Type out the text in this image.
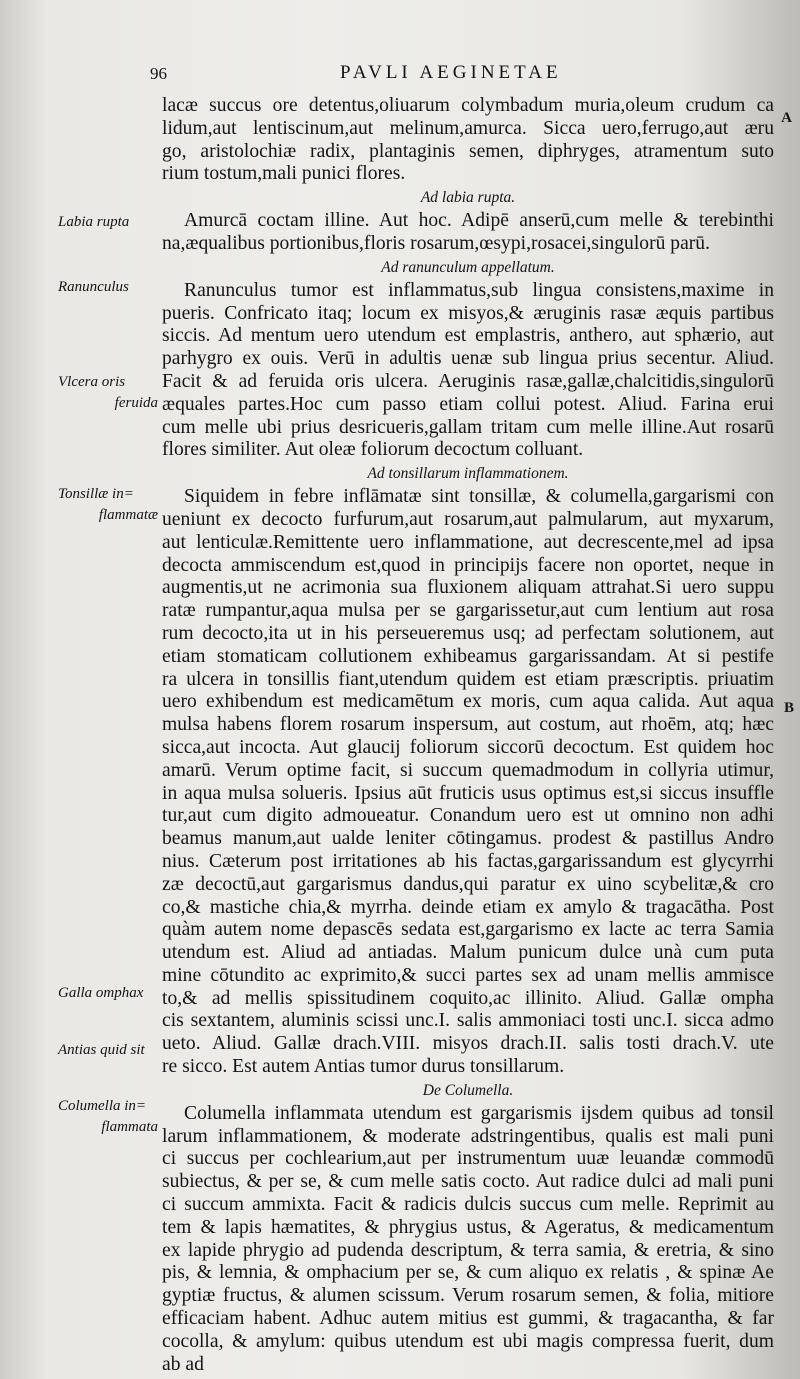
96	PAVLI AEGINETAE
A
B
lacæ succus ore detentus,oliuarum colymbadum muria,oleum crudum ca
lidum,aut lentiscinum,aut melinum,amurca. Sicca uero,ferrugo,aut æru
go, aristolochiæ radix, plantaginis semen, diphryges, atramentum suto
rium tostum,mali punici flores.
Ad labia rupta.
Amurcā coctam illine. Aut hoc. Adipē anserū,cum melle & terebinthi
na,æqualibus portionibus,floris rosarum,œsypi,rosacei,singulorū parū.
Ad ranunculum appellatum.
Ranunculus tumor est inflammatus,sub lingua consistens,maxime in
pueris. Confricato itaq; locum ex misyos,& æruginis rasæ æquis partibus
siccis. Ad mentum uero utendum est emplastris, anthero, aut sphærio, aut
parhygro ex ouis. Verū in adultis uenæ sub lingua prius secentur. Aliud.
Facit & ad feruida oris ulcera. Aeruginis rasæ,gallæ,chalcitidis,singulorū
æquales partes.Hoc cum passo etiam collui potest. Aliud. Farina erui
cum melle ubi prius desricueris,gallam tritam cum melle illine.Aut rosarū
flores similiter. Aut oleæ foliorum decoctum colluant.
Ad tonsillarum inflammationem.
Siquidem in febre inflāmatæ sint tonsillæ, & columella,gargarismi con
ueniunt ex decocto furfurum,aut rosarum,aut palmularum, aut myxarum,
aut lenticulæ.Remittente uero inflammatione, aut decrescente,mel ad ipsa
decocta ammiscendum est,quod in principijs facere non oportet, neque in
augmentis,ut ne acrimonia sua fluxionem aliquam attrahat.Si uero suppu
ratæ rumpantur,aqua mulsa per se gargarissetur,aut cum lentium aut rosa
rum decocto,ita ut in his perseueremus usq; ad perfectam solutionem, aut
etiam stomaticam collutionem exhibeamus gargarissandam. At si pestife
ra ulcera in tonsillis fiant,utendum quidem est etiam præscriptis. priuatim
uero exhibendum est medicamētum ex moris, cum aqua calida. Aut aqua
mulsa habens florem rosarum inspersum, aut costum, aut rhoēm, atq; hæc
sicca,aut incocta. Aut glaucij foliorum siccorū decoctum. Est quidem hoc
amarū. Verum optime facit, si succum quemadmodum in collyria utimur,
in aqua mulsa solueris. Ipsius aūt fruticis usus optimus est,si siccus insuffle
tur,aut cum digito admoueatur. Conandum uero est ut omnino non adhi
beamus manum,aut ualde leniter cōtingamus. prodest & pastillus Andro
nius. Cæterum post irritationes ab his factas,gargarissandum est glycyrrhi
zæ decoctū,aut gargarismus dandus,qui paratur ex uino scybelitæ,& cro
co,& mastiche chia,& myrrha. deinde etiam ex amylo & tragacātha. Post
quàm autem nome depascēs sedata est,gargarismo ex lacte ac terra Samia
utendum est. Aliud ad antiadas. Malum punicum dulce unà cum puta
mine cōtundito ac exprimito,& succi partes sex ad unam mellis ammisce
to,& ad mellis spissitudinem coquito,ac illinito. Aliud. Gallæ ompha
cis sextantem, aluminis scissi unc.I. salis ammoniaci tosti unc.I. sicca admo
ueto. Aliud. Gallæ drach.VIII. misyos drach.II. salis tosti drach.V. ute
re sicco. Est autem Antias tumor durus tonsillarum.
De Columella.
Columella inflammata utendum est gargarismis ijsdem quibus ad tonsil
larum inflammationem, & moderate adstringentibus, qualis est mali puni
ci succus per cochlearium,aut per instrumentum uuæ leuandæ commodū
subiectus, & per se, & cum melle satis cocto. Aut radice dulci ad mali puni
ci succum ammixta. Facit & radicis dulcis succus cum melle. Reprimit au
tem & lapis hæmatites, & phrygius ustus, & Ageratus, & medicamentum
ex lapide phrygio ad pudenda descriptum, & terra samia, & eretria, & sino
pis, & lemnia, & omphacium per se, & cum aliquo ex relatis , & spinæ Ae
gyptiæ fructus, & alumen scissum. Verum rosarum semen, & folia, mitiore
efficaciam habent. Adhuc autem mitius est gummi, & tragacantha, & far
cocolla, & amylum: quibus utendum est ubi magis compressa fuerit, dum
ab ad
Labia rupta
Ranunculus
Vlcera oris
feruida
Tonsillæ in=
flammatæ
Galla omphax
Antias quid sit
Columella in=
flammata
